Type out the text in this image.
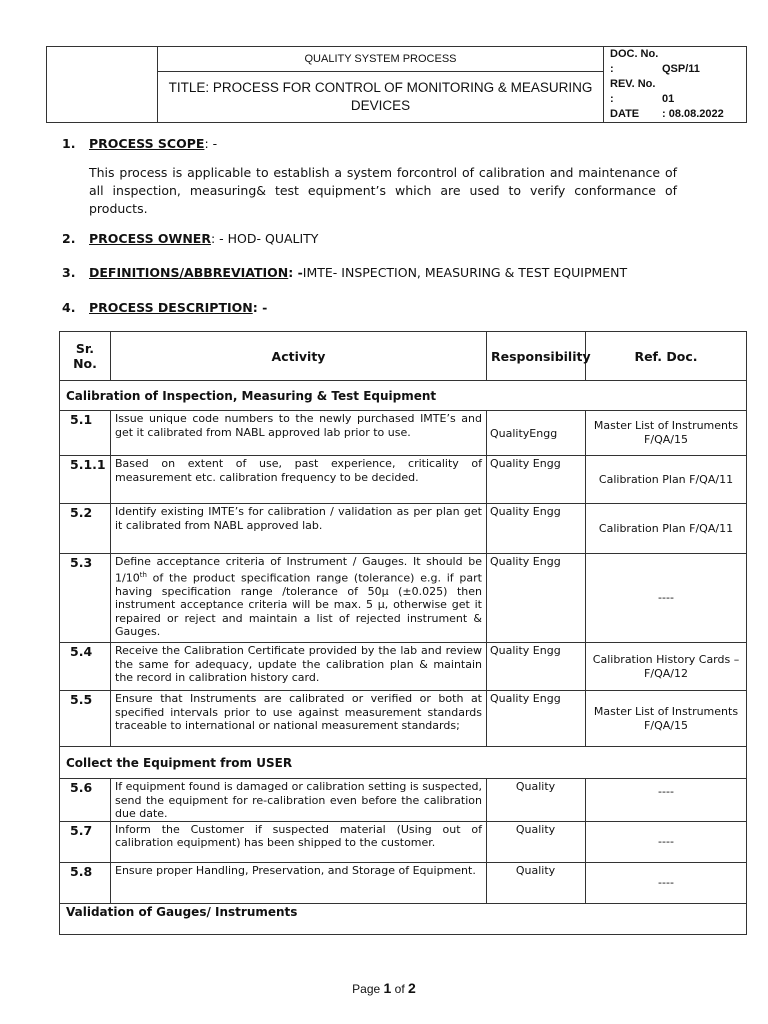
	QUALITY SYSTEM PROCESS	DOC. No. :	QSP/11
REV. No. :	01
DATE : 08.08.2022

TITLE: PROCESS FOR CONTROL OF MONITORING & MEASURING DEVICES
1. PROCESS SCOPE: -
This process is applicable to establish a system forcontrol of calibration and maintenance of all inspection, measuring& test equipment’s which are used to verify conformance of products.
2. PROCESS OWNER: - HOD- QUALITY
3. DEFINITIONS/ABBREVIATION: -IMTE- INSPECTION, MEASURING & TEST EQUIPMENT
4. PROCESS DESCRIPTION: -
Sr. No.	Activity	Responsibility	Ref. Doc.
Calibration of Inspection, Measuring & Test Equipment			
5.1	Issue unique code numbers to the newly purchased IMTE’s and get it calibrated from NABL approved lab prior to use.	QualityEngg	Master List of Instruments F/QA/15
5.1.1	Based on extent of use, past experience, criticality of measurement etc. calibration frequency to be decided.	Quality Engg	Calibration Plan F/QA/11
5.2	Identify existing IMTE’s for calibration / validation as per plan get it calibrated from NABL approved lab.	Quality Engg	Calibration Plan F/QA/11
5.3	Define acceptance criteria of Instrument / Gauges. It should be 1/10th of the product specification range (tolerance) e.g. if part having specification range /tolerance of 50µ (±0.025) then instrument acceptance criteria will be max. 5 µ, otherwise get it repaired or reject and maintain a list of rejected instrument & Gauges.	Quality Engg	----
5.4	Receive the Calibration Certificate provided by the lab and review the same for adequacy, update the calibration plan & maintain the record in calibration history card.	Quality Engg	Calibration History Cards – F/QA/12
5.5	Ensure that Instruments are calibrated or verified or both at specified intervals prior to use against measurement standards traceable to international or national measurement standards;	Quality Engg	Master List of Instruments F/QA/15
Collect the Equipment from USER			
5.6	If equipment found is damaged or calibration setting is suspected, send the equipment for re-calibration even before the calibration due date.	Quality	----
5.7	Inform the Customer if suspected material (Using out of calibration equipment) has been shipped to the customer.	Quality	----
5.8	Ensure proper Handling, Preservation, and Storage of Equipment.	Quality	----
Validation of Gauges/ Instruments			
Page 1 of 2
